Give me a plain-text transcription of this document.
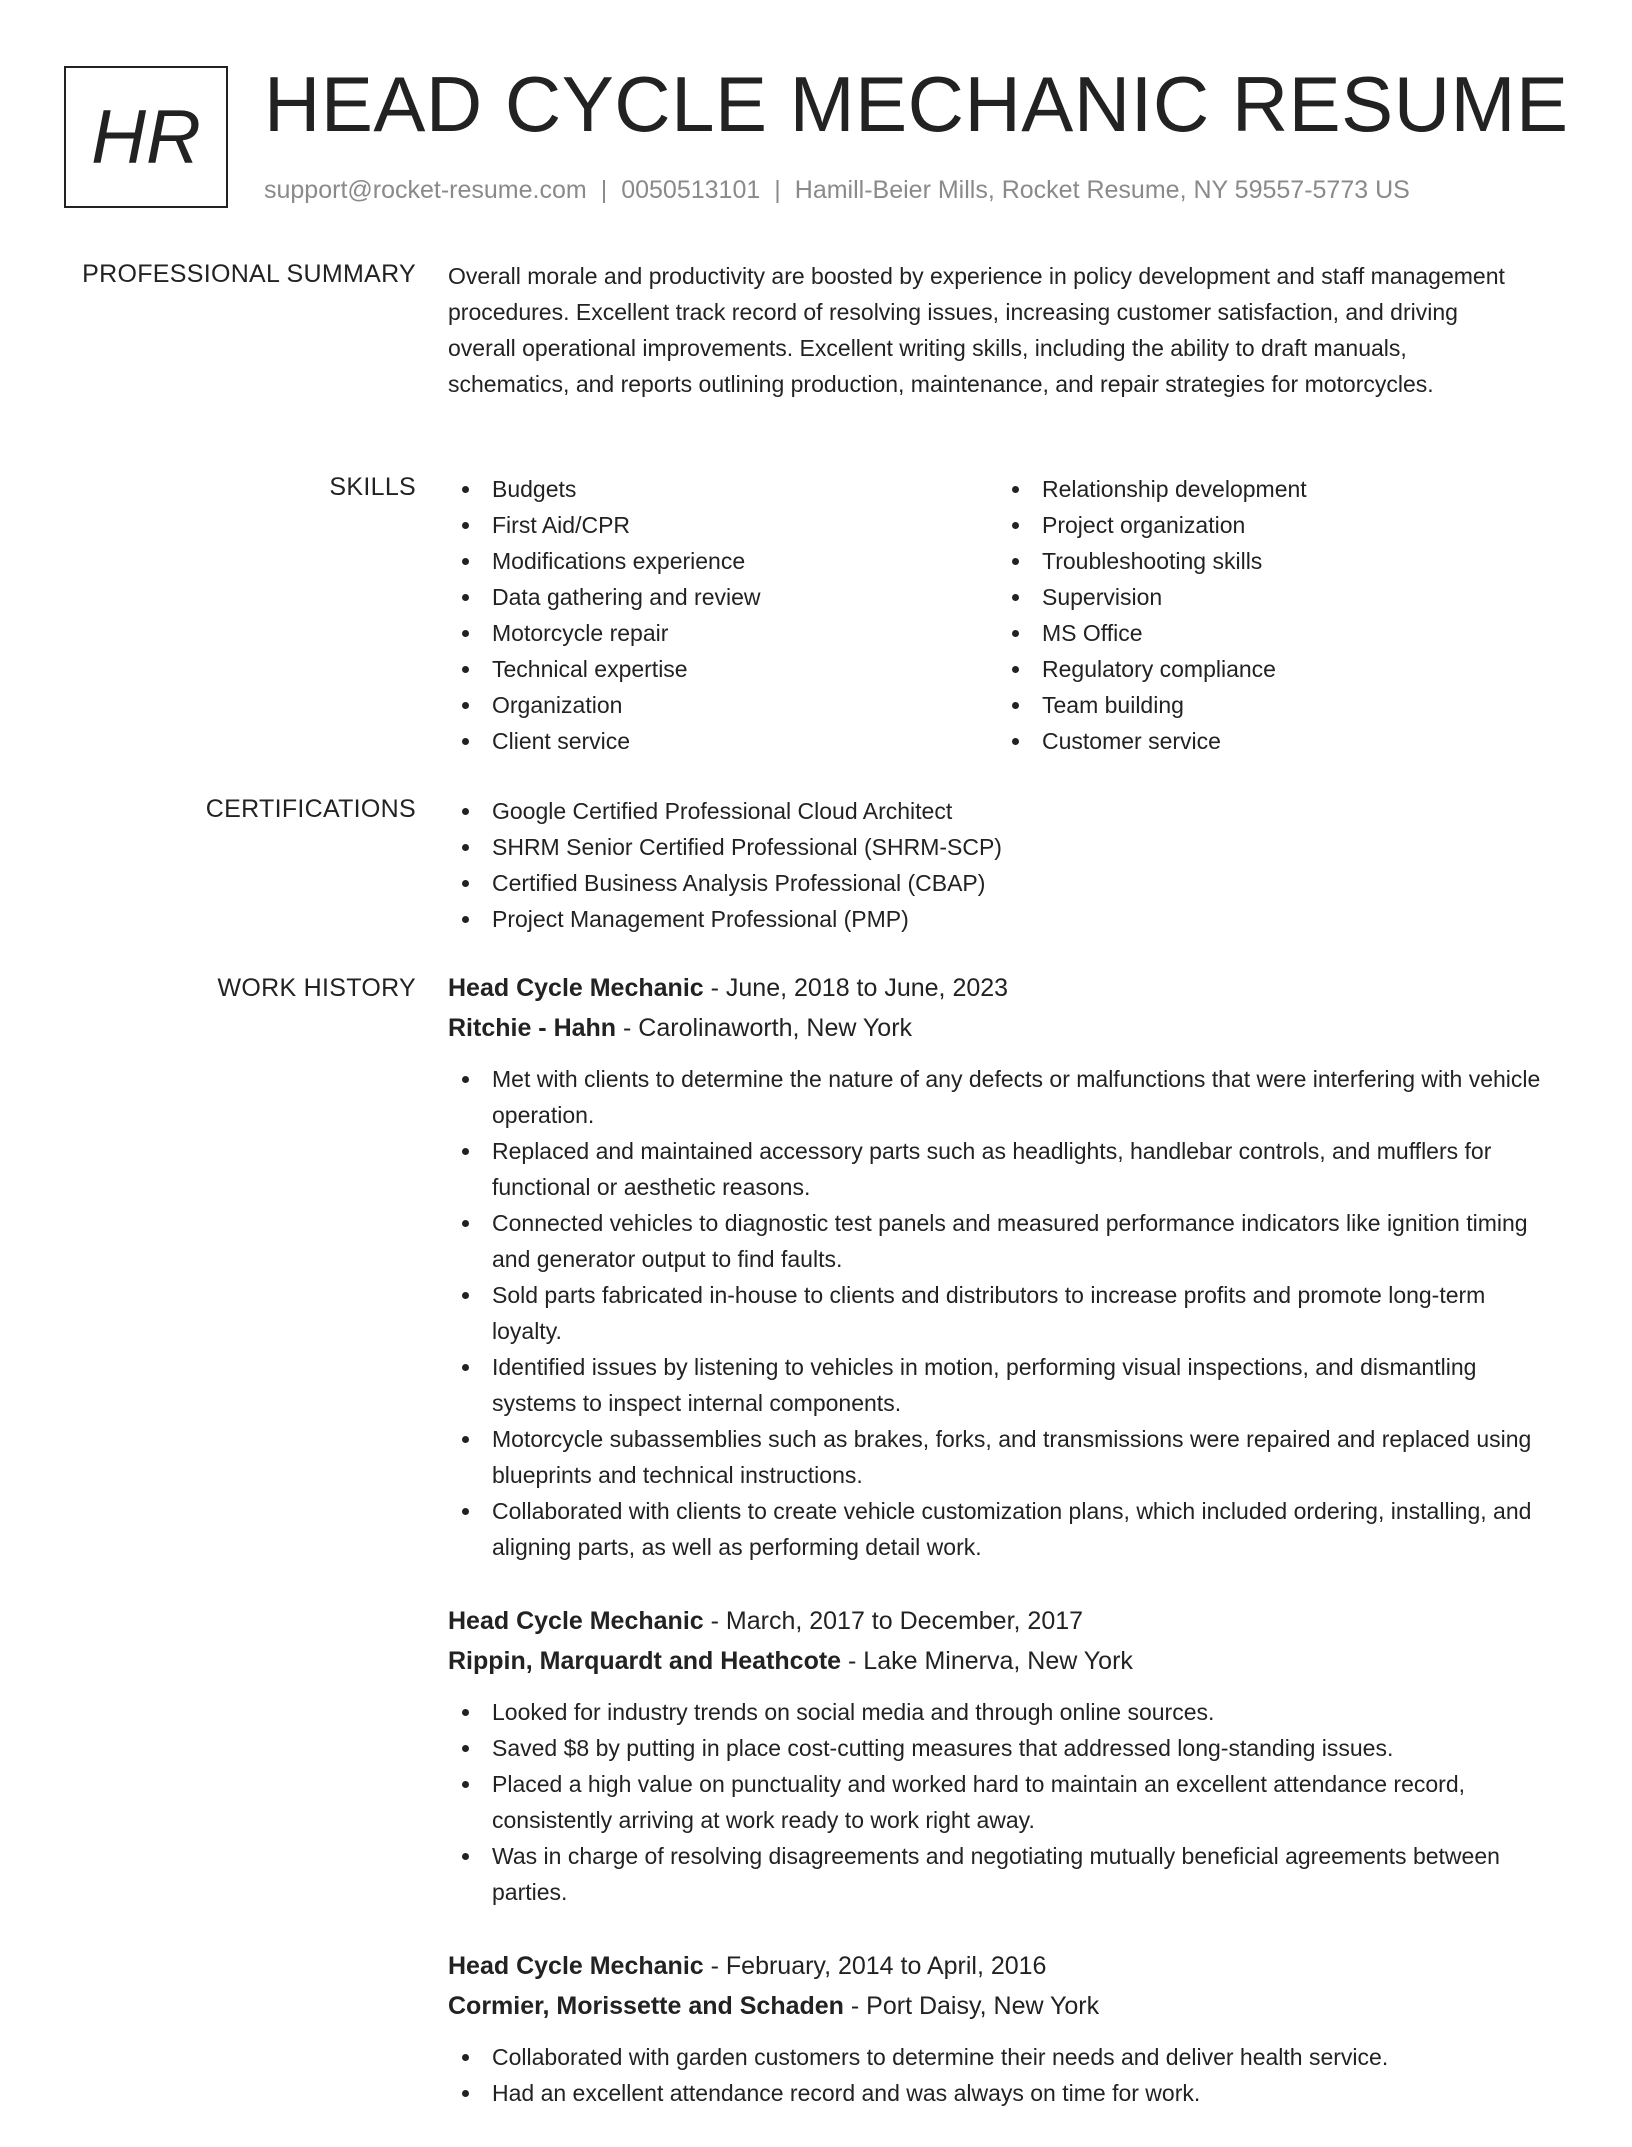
HR HEAD CYCLE MECHANIC RESUME
support@rocket-resume.com | 0050513101 | Hamill-Beier Mills, Rocket Resume, NY 59557-5773 US
PROFESSIONAL SUMMARY Overall morale and productivity are boosted by experience in policy development and staff management procedures. Excellent track record of resolving issues, increasing customer satisfaction, and driving overall operational improvements. Excellent writing skills, including the ability to draft manuals, schematics, and reports outlining production, maintenance, and repair strategies for motorcycles.

SKILLS	Budgets
First Aid/CPR
Modifications experience
Data gathering and review
Motorcycle repair
Technical expertise
Organization
Client service
Relationship development
Project organization
Troubleshooting skills
Supervision
MS Office
Regulatory compliance
Team building
Customer service
CERTIFICATIONS	Google Certified Professional Cloud Architect
SHRM Senior Certified Professional (SHRM-SCP)
Certified Business Analysis Professional (CBAP)
Project Management Professional (PMP)
WORK HISTORY Head Cycle Mechanic - June, 2018 to June, 2023
Ritchie - Hahn - Carolinaworth, New York
Met with clients to determine the nature of any defects or malfunctions that were interfering with vehicle operation.
Replaced and maintained accessory parts such as headlights, handlebar controls, and mufflers for functional or aesthetic reasons.
Connected vehicles to diagnostic test panels and measured performance indicators like ignition timing and generator output to find faults.
Sold parts fabricated in-house to clients and distributors to increase profits and promote long-term loyalty.
Identified issues by listening to vehicles in motion, performing visual inspections, and dismantling systems to inspect internal components.
Motorcycle subassemblies such as brakes, forks, and transmissions were repaired and replaced using blueprints and technical instructions.
Collaborated with clients to create vehicle customization plans, which included ordering, installing, and aligning parts, as well as performing detail work.
Head Cycle Mechanic - March, 2017 to December, 2017
Rippin, Marquardt and Heathcote - Lake Minerva, New York
Looked for industry trends on social media and through online sources.
Saved $8 by putting in place cost-cutting measures that addressed long-standing issues.
Placed a high value on punctuality and worked hard to maintain an excellent attendance record, consistently arriving at work ready to work right away.
Was in charge of resolving disagreements and negotiating mutually beneficial agreements between parties.
Head Cycle Mechanic - February, 2014 to April, 2016
Cormier, Morissette and Schaden - Port Daisy, New York
Collaborated with garden customers to determine their needs and deliver health service.
Had an excellent attendance record and was always on time for work.
